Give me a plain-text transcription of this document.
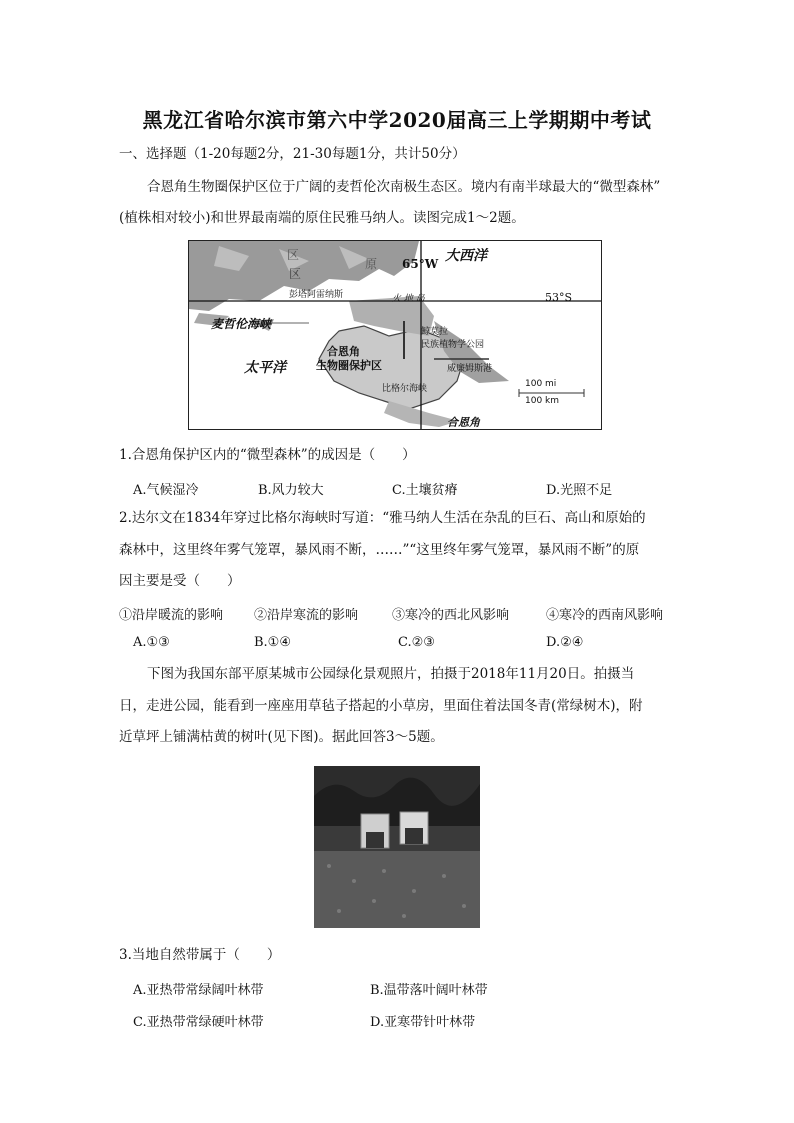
黑龙江省哈尔滨市第六中学2020届高三上学期期中考试
一、选择题（1-20每题2分，21-30每题1分，共计50分）
合恩角生物圈保护区位于广阔的麦哲伦次南极生态区。境内有南半球最大的“微型森林”
(植株相对较小)和世界最南端的原住民雅马纳人。读图完成1～2题。
区
原
区
大西洋
65°W
53°S
彭塔阿雷纳斯	火 地 岛
麦哲伦海峡
太平洋
合恩角
生物圈保护区
鲸莫拉
民族植物学公园
威廉姆斯港
比格尔海峡
合恩角
100 mi
100 km
1.合恩角保护区内的“微型森林”的成因是（　　）
A.气候湿冷	B.风力较大	C.土壤贫瘠	D.光照不足
2.达尔文在1834年穿过比格尔海峡时写道：“雅马纳人生活在杂乱的巨石、高山和原始的
森林中，这里终年雾气笼罩，暴风雨不断，……”“这里终年雾气笼罩，暴风雨不断”的原
因主要是受（　　）
①沿岸暖流的影响 ②沿岸寒流的影响	③寒冷的西北风影响	④寒冷的西南风影响
A.①③	B.①④	C.②③	D.②④
下图为我国东部平原某城市公园绿化景观照片，拍摄于2018年11月20日。拍摄当
日，走进公园，能看到一座座用草毡子搭起的小草房，里面住着法国冬青(常绿树木)，附
近草坪上铺满枯黄的树叶(见下图)。据此回答3～5题。
3.当地自然带属于（　　）
A.亚热带常绿阔叶林带	B.温带落叶阔叶林带
C.亚热带常绿硬叶林带	D.亚寒带针叶林带
